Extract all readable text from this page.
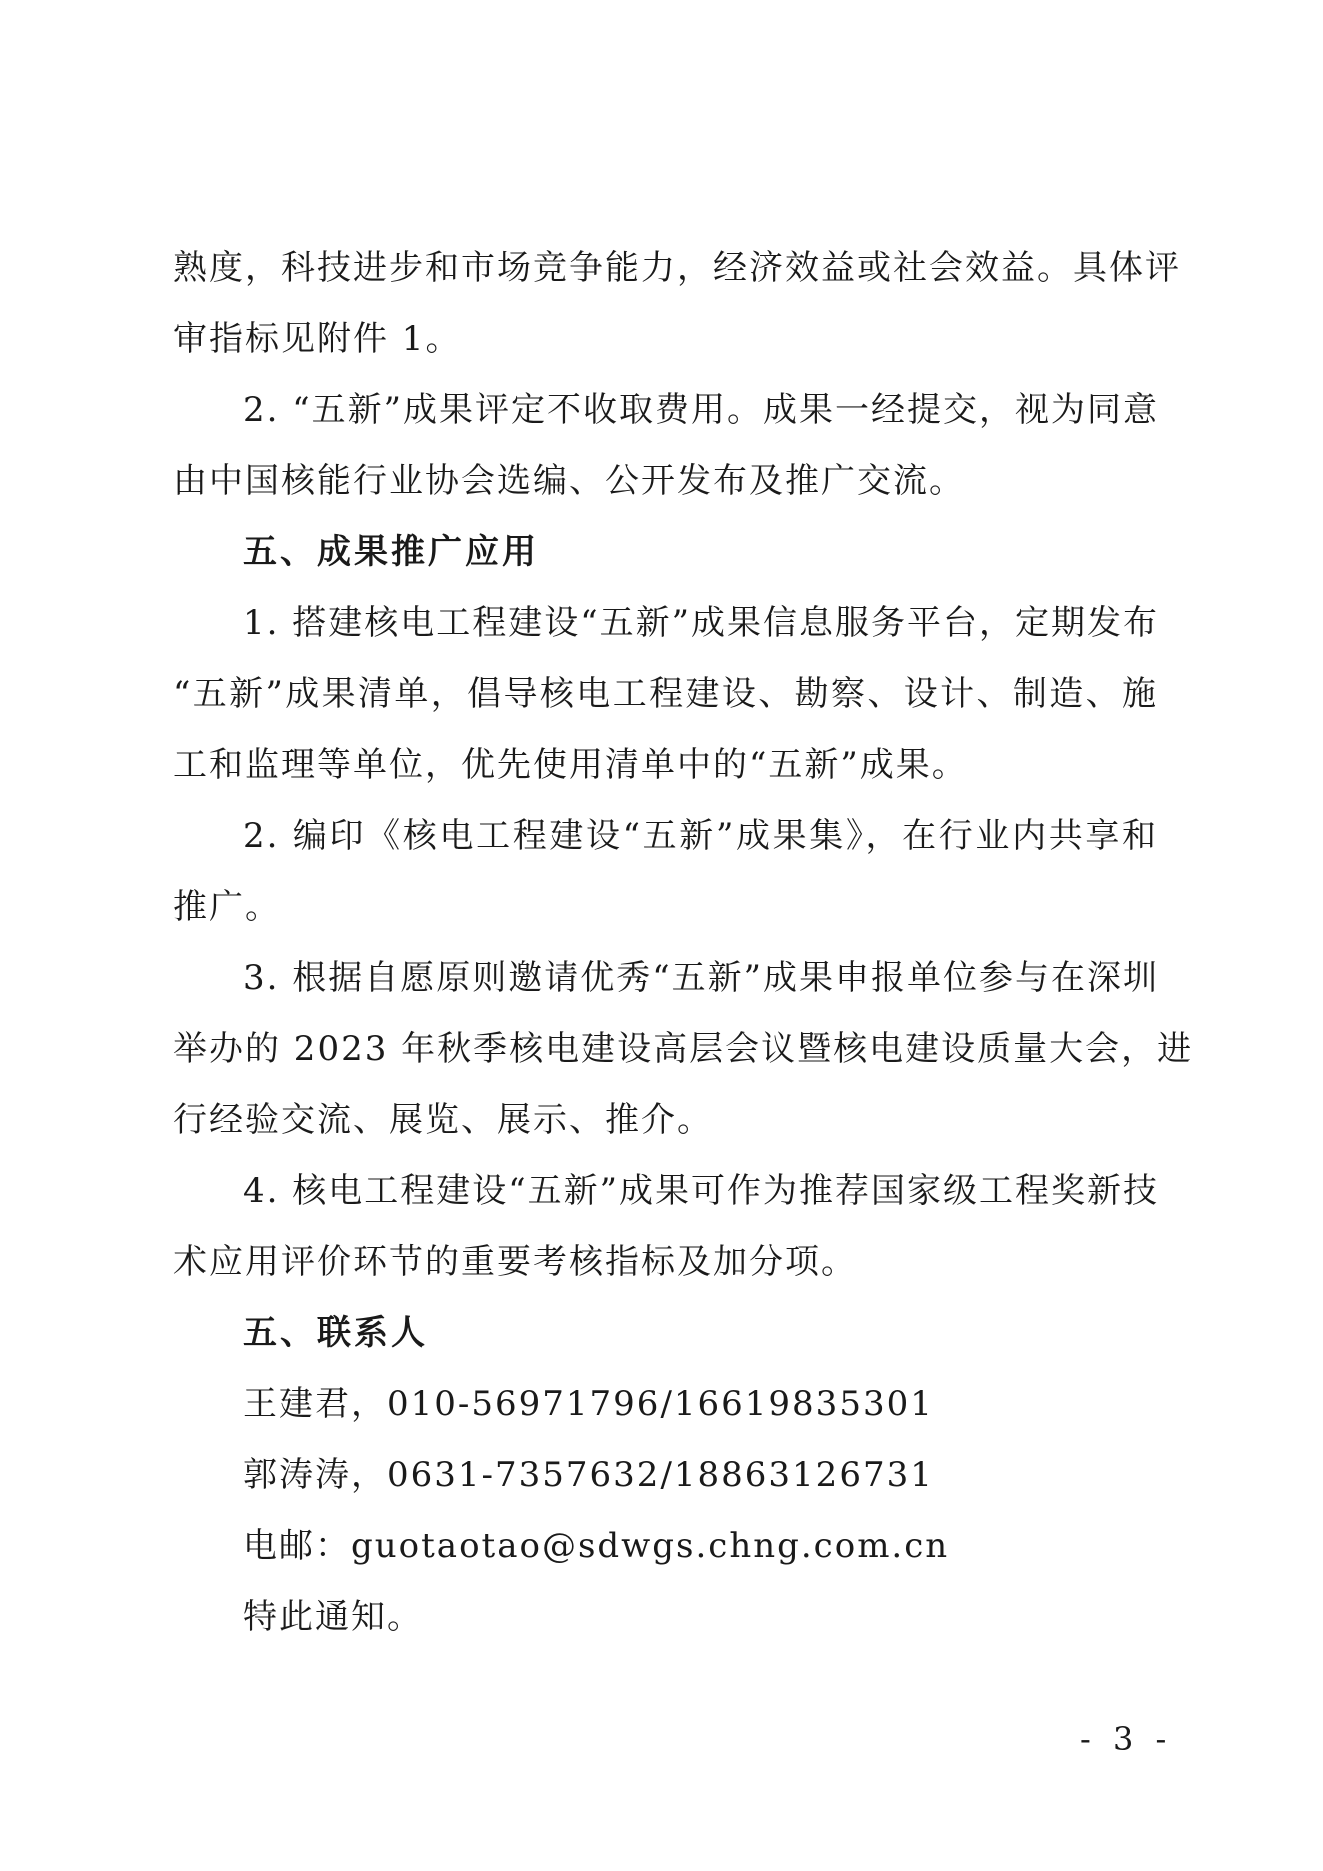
熟度，科技进步和市场竞争能力，经济效益或社会效益。具体评
审指标见附件 1。
2. “五新”成果评定不收取费用。成果一经提交，视为同意
由中国核能行业协会选编、公开发布及推广交流。
五、成果推广应用
1. 搭建核电工程建设“五新”成果信息服务平台，定期发布
“五新”成果清单，倡导核电工程建设、勘察、设计、制造、施
工和监理等单位，优先使用清单中的“五新”成果。
2. 编印《核电工程建设“五新”成果集》，在行业内共享和
推广。
3. 根据自愿原则邀请优秀“五新”成果申报单位参与在深圳
举办的 2023 年秋季核电建设高层会议暨核电建设质量大会，进
行经验交流、展览、展示、推介。
4. 核电工程建设“五新”成果可作为推荐国家级工程奖新技
术应用评价环节的重要考核指标及加分项。
五、联系人
王建君，010-56971796/16619835301
郭涛涛，0631-7357632/18863126731
电邮：guotaotao@sdwgs.chng.com.cn
特此通知。
- 3 -
